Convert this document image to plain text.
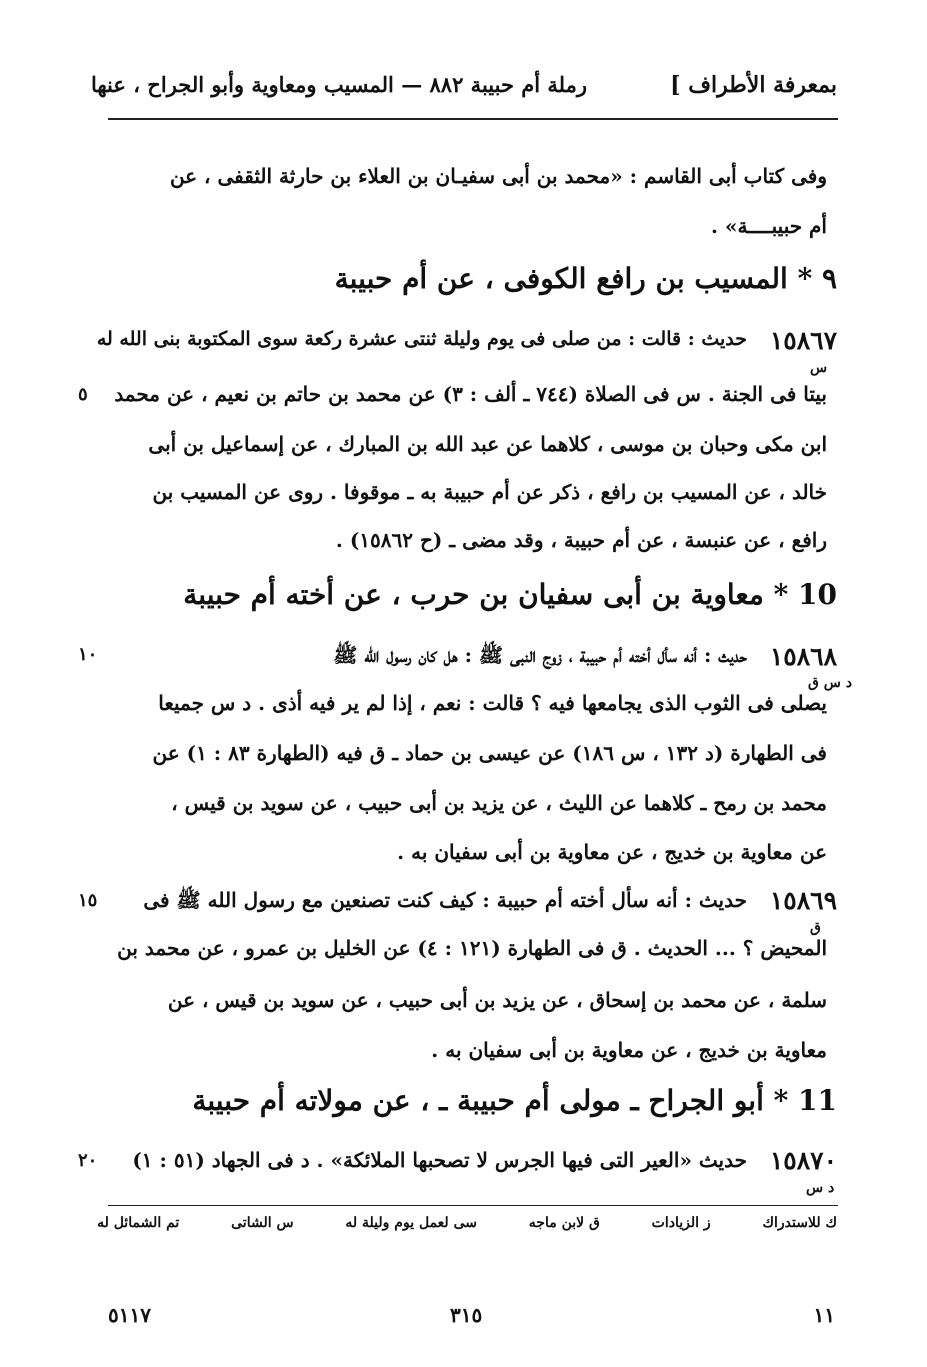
بمعرفة الأطراف ]
رملة أم حبيبة ٨٨٢ — المسيب ومعاوية وأبو الجراح ، عنها
وفى كتاب أبى القاسم : «محمد بن أبى سفيـان بن العلاء بن حارثة الثقفى ، عن
أم حبيبــــة» .
٩ * المسيب بن رافع الكوفى ، عن أم حبيبة
١٥٨٦٧
حديث : قالت : من صلى فى يوم وليلة ثنتى عشرة ركعة سوى المكتوبة بنى الله له
س
٥	بيتا فى الجنة . س فى الصلاة (٧٤٤ ـ ألف : ٣) عن محمد بن حاتم بن نعيم ، عن محمد
ابن مكى وحبان بن موسى ، كلاهما عن عبد الله بن المبارك ، عن إسماعيل بن أبى
خالد ، عن المسيب بن رافع ، ذكر عن أم حبيبة به ـ موقوفا . روى عن المسيب بن
رافع ، عن عنبسة ، عن أم حبيبة ، وقد مضى ـ (ح ١٥٨٦٢) .
10 * معاوية بن أبى سفيان بن حرب ، عن أخته أم حبيبة
١٥٨٦٨
١٠	حديث : أنه سأل أخته أم حبيبة ، زوج النبى ﷺ : هل كان رسول الله ﷺ
د س ق
يصلى فى الثوب الذى يجامعها فيه ؟ قالت : نعم ، إذا لم ير فيه أذى . د س جميعا
فى الطهارة (د ١٣٢ ، س ١٨٦) عن عيسى بن حماد ـ ق فيه (الطهارة ٨٣ : ١) عن
محمد بن رمح ـ كلاهما عن الليث ، عن يزيد بن أبى حبيب ، عن سويد بن قيس ،
عن معاوية بن خديج ، عن معاوية بن أبى سفيان به .
١٥٨٦٩
١٥	حديث : أنه سأل أخته أم حبيبة : كيف كنت تصنعين مع رسول الله ﷺ فى
ق
المحيض ؟ ... الحديث . ق فى الطهارة (١٢١ : ٤) عن الخليل بن عمرو ، عن محمد بن
سلمة ، عن محمد بن إسحاق ، عن يزيد بن أبى حبيب ، عن سويد بن قيس ، عن
معاوية بن خديج ، عن معاوية بن أبى سفيان به .
11 * أبو الجراح ـ مولى أم حبيبة ـ ، عن مولاته أم حبيبة
١٥٨٧٠
٢٠	حديث «العير التى فيها الجرس لا تصحبها الملائكة» . د فى الجهاد (٥١ : ١)
د س
تم الشمائل له	س الشاتى	سى لعمل يوم وليلة له	ق لابن ماجه	ز الزيادات	ك للاستدراك
١١
٣١٥
٥١١٧
